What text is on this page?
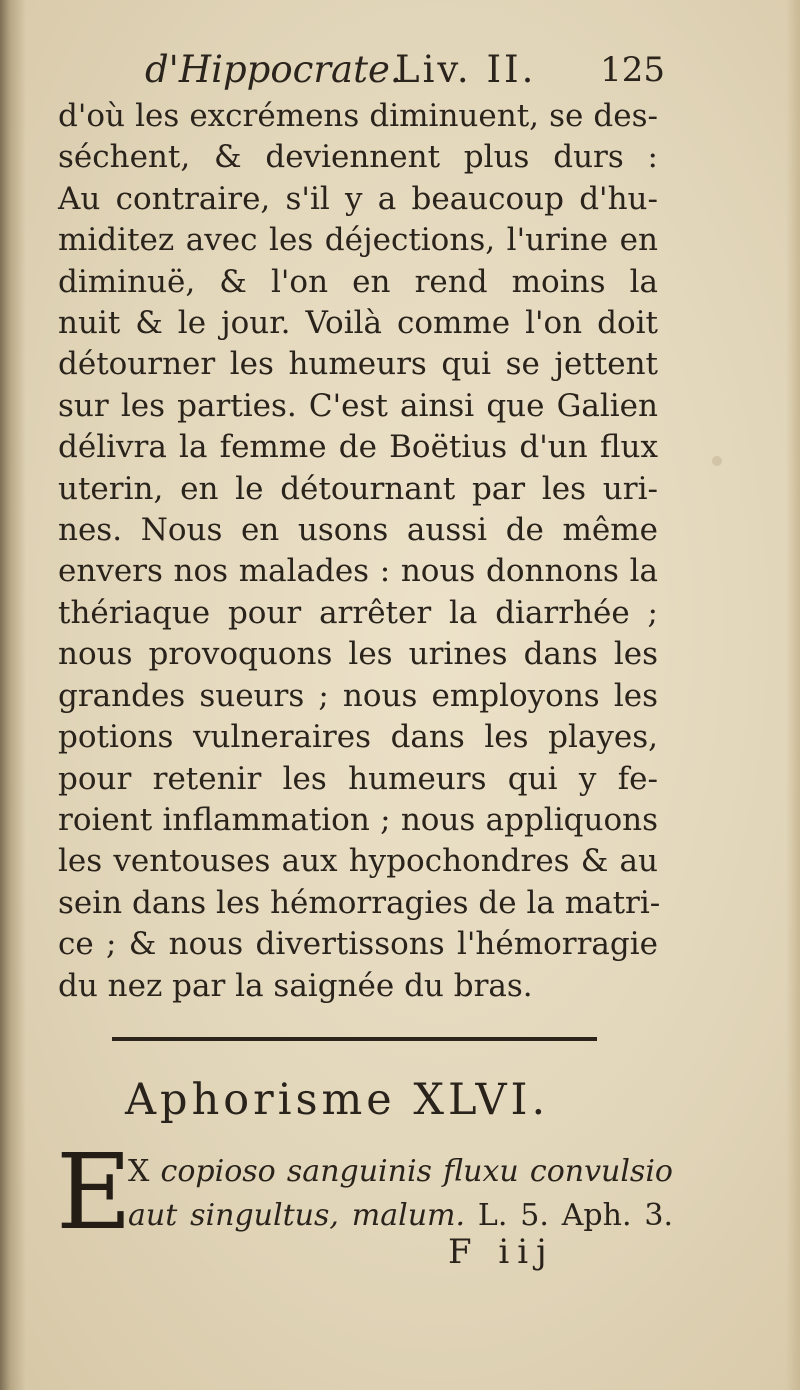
d'Hippocrate.
Liv. II. 125
d'où les excrémens diminuent, se des-
séchent, & deviennent plus durs :
Au contraire, s'il y a beaucoup d'hu-
miditez avec les déjections, l'urine en
diminuë, & l'on en rend moins la
nuit & le jour. Voilà comme l'on doit
détourner les humeurs qui se jettent
sur les parties. C'est ainsi que Galien
délivra la femme de Boëtius d'un flux
uterin, en le détournant par les uri-
nes. Nous en usons aussi de même
envers nos malades : nous donnons la
thériaque pour arrêter la diarrhée ;
nous provoquons les urines dans les
grandes sueurs ; nous employons les
potions vulneraires dans les playes,
pour retenir les humeurs qui y fe-
roient inflammation ; nous appliquons
les ventouses aux hypochondres & au
sein dans les hémorragies de la matri-
ce ; & nous divertissons l'hémorragie
du nez par la saignée du bras.
Aphorisme XLVI.
E
X copioso sanguinis fluxu convulsio
aut singultus, malum. L. 5. Aph. 3.
F iij
